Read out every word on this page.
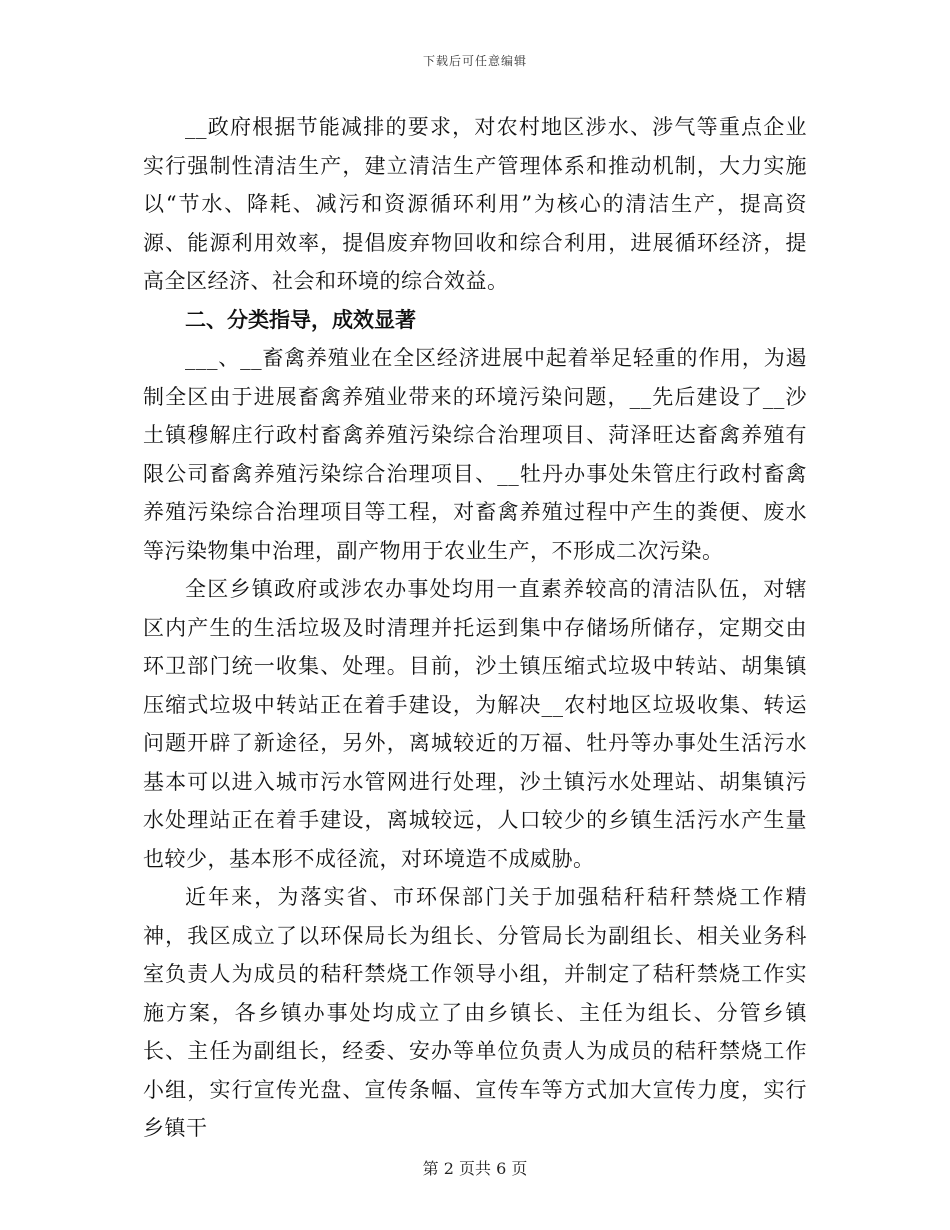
下载后可任意编辑

__政府根据节能减排的要求，对农村地区涉水、涉气等重点企业实行强制性清洁生产，建立清洁生产管理体系和推动机制，大力实施以“节水、降耗、减污和资源循环利用”为核心的清洁生产，提高资源、能源利用效率，提倡废弃物回收和综合利用，进展循环经济，提高全区经济、社会和环境的综合效益。

二、分类指导，成效显著

___、__畜禽养殖业在全区经济进展中起着举足轻重的作用，为遏制全区由于进展畜禽养殖业带来的环境污染问题，__先后建设了__沙土镇穆解庄行政村畜禽养殖污染综合治理项目、菏泽旺达畜禽养殖有限公司畜禽养殖污染综合治理项目、__牡丹办事处朱管庄行政村畜禽养殖污染综合治理项目等工程，对畜禽养殖过程中产生的粪便、废水等污染物集中治理，副产物用于农业生产，不形成二次污染。

全区乡镇政府或涉农办事处均用一直素养较高的清洁队伍，对辖区内产生的生活垃圾及时清理并托运到集中存储场所储存，定期交由环卫部门统一收集、处理。目前，沙土镇压缩式垃圾中转站、胡集镇压缩式垃圾中转站正在着手建设，为解决__农村地区垃圾收集、转运问题开辟了新途径，另外，离城较近的万福、牡丹等办事处生活污水基本可以进入城市污水管网进行处理，沙土镇污水处理站、胡集镇污水处理站正在着手建设，离城较远，人口较少的乡镇生活污水产生量也较少，基本形不成径流，对环境造不成威胁。

近年来，为落实省、市环保部门关于加强秸秆秸秆禁烧工作精神，我区成立了以环保局长为组长、分管局长为副组长、相关业务科室负责人为成员的秸秆禁烧工作领导小组，并制定了秸秆禁烧工作实施方案，各乡镇办事处均成立了由乡镇长、主任为组长、分管乡镇长、主任为副组长，经委、安办等单位负责人为成员的秸秆禁烧工作小组，实行宣传光盘、宣传条幅、宣传车等方式加大宣传力度，实行乡镇干

第 2 页共 6 页
